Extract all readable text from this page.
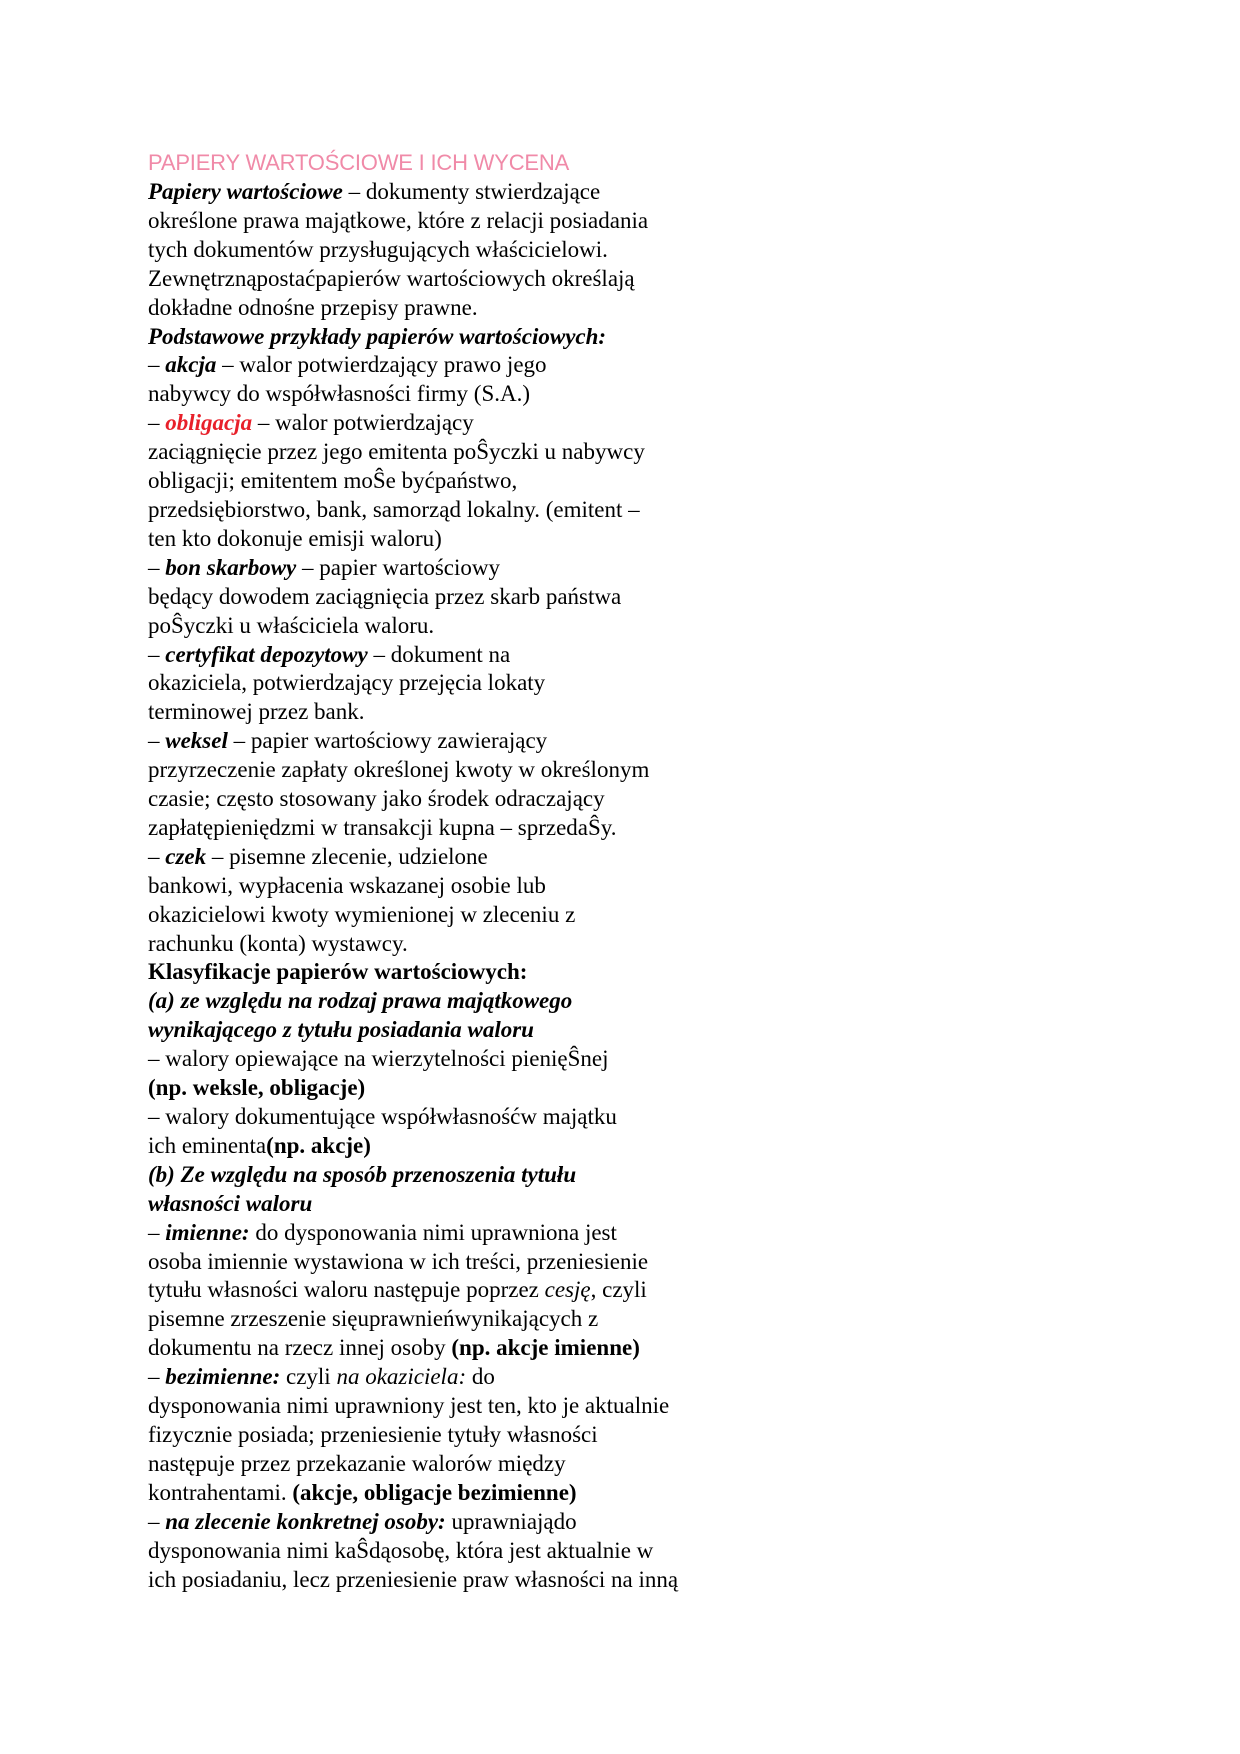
PAPIERY WARTOŚCIOWE I ICH WYCENA
Papiery wartościowe – dokumenty stwierdzające
określone prawa majątkowe, które z relacji posiadania
tych dokumentów przysługujących właścicielowi.
Zewnętrznąpostaćpapierów wartościowych określają
dokładne odnośne przepisy prawne.
Podstawowe przykłady papierów wartościowych:
– akcja – walor potwierdzający prawo jego
nabywcy do współwłasności firmy (S.A.)
– obligacja – walor potwierdzający
zaciągnięcie przez jego emitenta poŜyczki u nabywcy
obligacji; emitentem moŜe byćpaństwo,
przedsiębiorstwo, bank, samorząd lokalny. (emitent –
ten kto dokonuje emisji waloru)
– bon skarbowy – papier wartościowy
będący dowodem zaciągnięcia przez skarb państwa
poŜyczki u właściciela waloru.
– certyfikat depozytowy – dokument na
okaziciela, potwierdzający przejęcia lokaty
terminowej przez bank.
– weksel – papier wartościowy zawierający
przyrzeczenie zapłaty określonej kwoty w określonym
czasie; często stosowany jako środek odraczający
zapłatępieniędzmi w transakcji kupna – sprzedaŜy.
– czek – pisemne zlecenie, udzielone
bankowi, wypłacenia wskazanej osobie lub
okazicielowi kwoty wymienionej w zleceniu z
rachunku (konta) wystawcy.
Klasyfikacje papierów wartościowych:
(a) ze względu na rodzaj prawa majątkowego
wynikającego z tytułu posiadania waloru
– walory opiewające na wierzytelności pienięŜnej
(np. weksle, obligacje)
– walory dokumentujące współwłasnośćw majątku
ich eminenta(np. akcje)
(b) Ze względu na sposób przenoszenia tytułu
własności waloru
– imienne: do dysponowania nimi uprawniona jest
osoba imiennie wystawiona w ich treści, przeniesienie
tytułu własności waloru następuje poprzez cesję, czyli
pisemne zrzeszenie sięuprawnieńwynikających z
dokumentu na rzecz innej osoby (np. akcje imienne)
– bezimienne: czyli na okaziciela: do
dysponowania nimi uprawniony jest ten, kto je aktualnie
fizycznie posiada; przeniesienie tytuły własności
następuje przez przekazanie walorów między
kontrahentami. (akcje, obligacje bezimienne)
– na zlecenie konkretnej osoby: uprawniajądo
dysponowania nimi kaŜdąosobę, która jest aktualnie w
ich posiadaniu, lecz przeniesienie praw własności na inną
